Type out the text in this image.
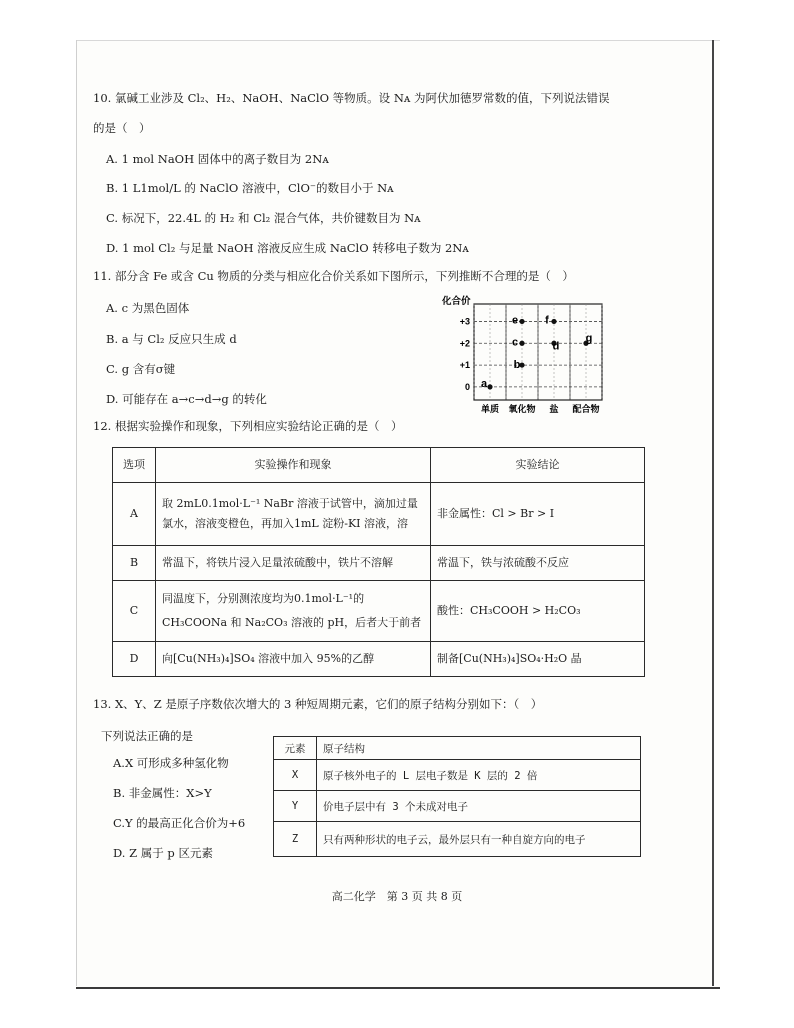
10. 氯碱工业涉及 Cl₂、H₂、NaOH、NaClO 等物质。设 Nᴀ 为阿伏加德罗常数的值，下列说法错误
的是（　）
A. 1 mol NaOH 固体中的离子数目为 2Nᴀ
B. 1 L1mol/L 的 NaClO 溶液中，ClO⁻的数目小于 Nᴀ
C. 标况下，22.4L 的 H₂ 和 Cl₂ 混合气体，共价键数目为 Nᴀ
D. 1 mol Cl₂ 与足量 NaOH 溶液反应生成 NaClO 转移电子数为 2Nᴀ
11. 部分含 Fe 或含 Cu 物质的分类与相应化合价关系如下图所示，下列推断不合理的是（　）
A. c 为黑色固体
B. a 与 Cl₂ 反应只生成 d
C. g 含有σ键
D. 可能存在 a→c→d→g 的转化
化合价
+3
+2
+1
0
单质 氧化物 盐 配合物
a
b
c
e
d
f
g
12. 根据实验操作和现象，下列相应实验结论正确的是（　）
选项	实验操作和现象	实验结论
A	取 2mL0.1mol·L⁻¹ NaBr 溶液于试管中，滴加过量
氯水，溶液变橙色，再加入1mL 淀粉-KI 溶液，溶	非金属性：Cl > Br > I
B	常温下，将铁片浸入足量浓硫酸中，铁片不溶解	常温下，铁与浓硫酸不反应
C	同温度下，分别测浓度均为0.1mol·L⁻¹的
CH₃COONa 和 Na₂CO₃ 溶液的 pH，后者大于前者	酸性：CH₃COOH > H₂CO₃
D	向[Cu(NH₃)₄]SO₄ 溶液中加入 95%的乙醇	制备[Cu(NH₃)₄]SO₄·H₂O 晶
13. X、Y、Z 是原子序数依次增大的 3 种短周期元素，它们的原子结构分别如下：（　）
下列说法正确的是
A.X 可形成多种氢化物
B. 非金属性：X>Y
C.Y 的最高正化合价为+6
D. Z 属于 p 区元素
元素	原子结构
X	原子核外电子的 L 层电子数是 K 层的 2 倍
Y	价电子层中有 3 个未成对电子
Z	只有两种形状的电子云，最外层只有一种自旋方向的电子
高二化学　第 3 页 共 8 页
